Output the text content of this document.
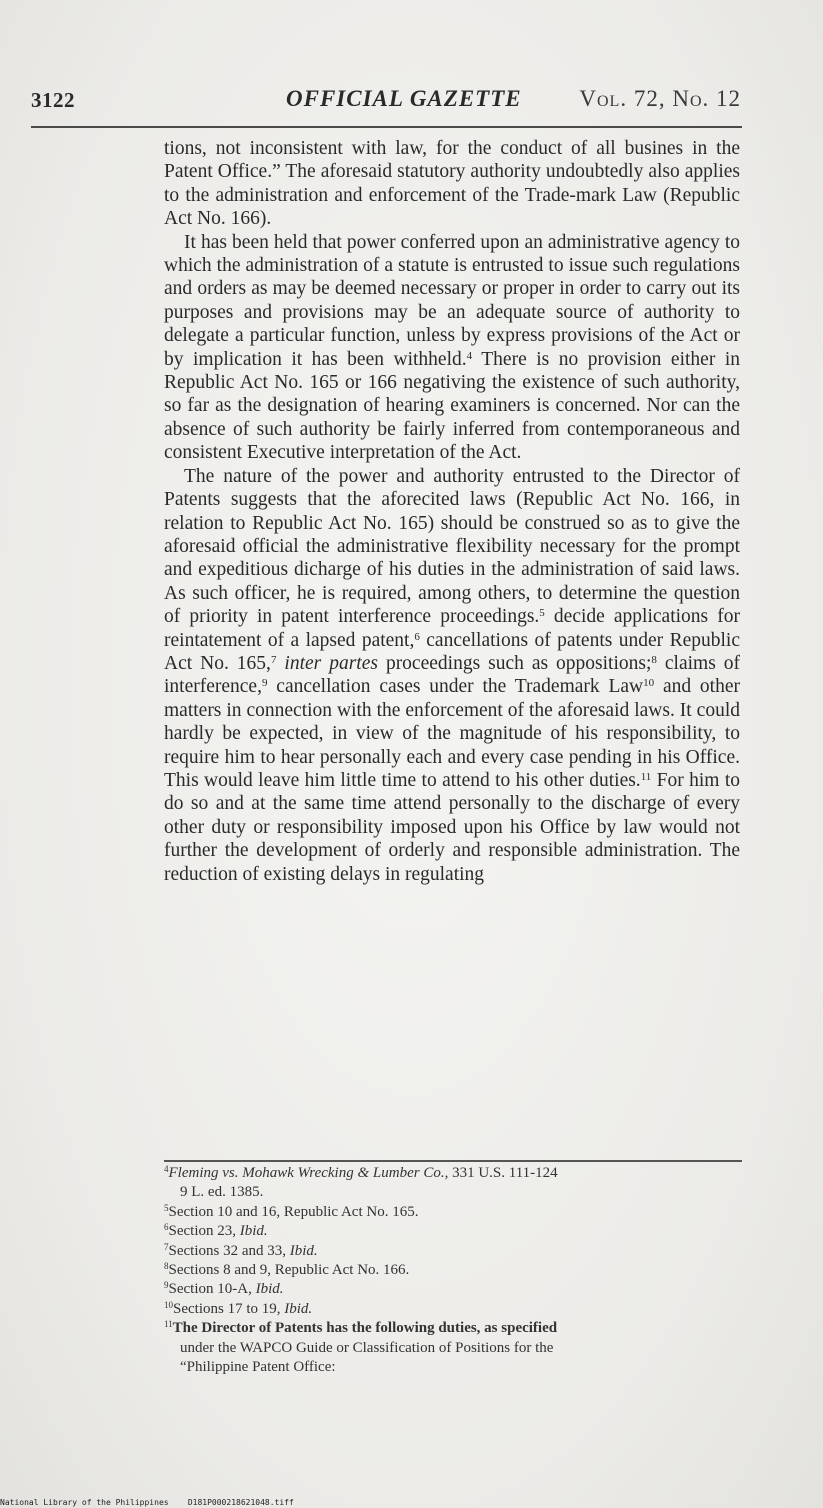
3122	OFFICIAL GAZETTE	Vol. 72, No. 12

tions, not inconsistent with law, for the conduct of all busines in the Patent Office.” The aforesaid statutory authority undoubtedly also applies to the administration and enforcement of the Trade-mark Law (Republic Act No. 166).

It has been held that power conferred upon an administrative agency to which the administration of a statute is entrusted to issue such regulations and orders as may be deemed necessary or proper in order to carry out its purposes and provisions may be an adequate source of authority to delegate a particular function, unless by express provisions of the Act or by implication it has been withheld.$^4$ There is no provision either in Republic Act No. 165 or 166 negativing the existence of such authority, so far as the designation of hearing examiners is concerned. Nor can the absence of such authority be fairly inferred from contemporaneous and consistent Executive interpretation of the Act.

The nature of the power and authority entrusted to the Director of Patents suggests that the aforecited laws (Republic Act No. 166, in relation to Republic Act No. 165) should be construed so as to give the aforesaid official the administrative flexibility necessary for the prompt and expeditious dicharge of his duties in the administration of said laws. As such officer, he is required, among others, to determine the question of priority in patent interference proceedings.$^5$ decide applications for reintatement of a lapsed patent,$^6$ cancellations of patents under Republic Act No. 165,$^7$ inter partes proceedings such as oppositions;$^8$ claims of interference,$^9$ cancellation cases under the Trademark Law$^{10}$ and other matters in connection with the enforcement of the aforesaid laws. It could hardly be expected, in view of the magnitude of his responsibility, to require him to hear personally each and every case pending in his Office. This would leave him little time to attend to his other duties.$^{11}$ For him to do so and at the same time attend personally to the discharge of every other duty or responsibility imposed upon his Office by law would not further the development of orderly and responsible administration. The reduction of existing delays in regulating

$^4$Fleming vs. Mohawk Wrecking & Lumber Co., 331 U.S. 111-124

9 L. ed. 1385.

$^5$Section 10 and 16, Republic Act No. 165.

$^6$Section 23, Ibid.

$^7$Sections 32 and 33, Ibid.

$^8$Sections 8 and 9, Republic Act No. 166.

$^9$Section 10-A, Ibid.

$^{10}$Sections 17 to 19, Ibid.

$^{11}$The Director of Patents has the following duties, as specified

under the WAPCO Guide or Classification of Positions for the

“Philippine Patent Office:

National Library of the Philippines D181P000218621048.tiff
